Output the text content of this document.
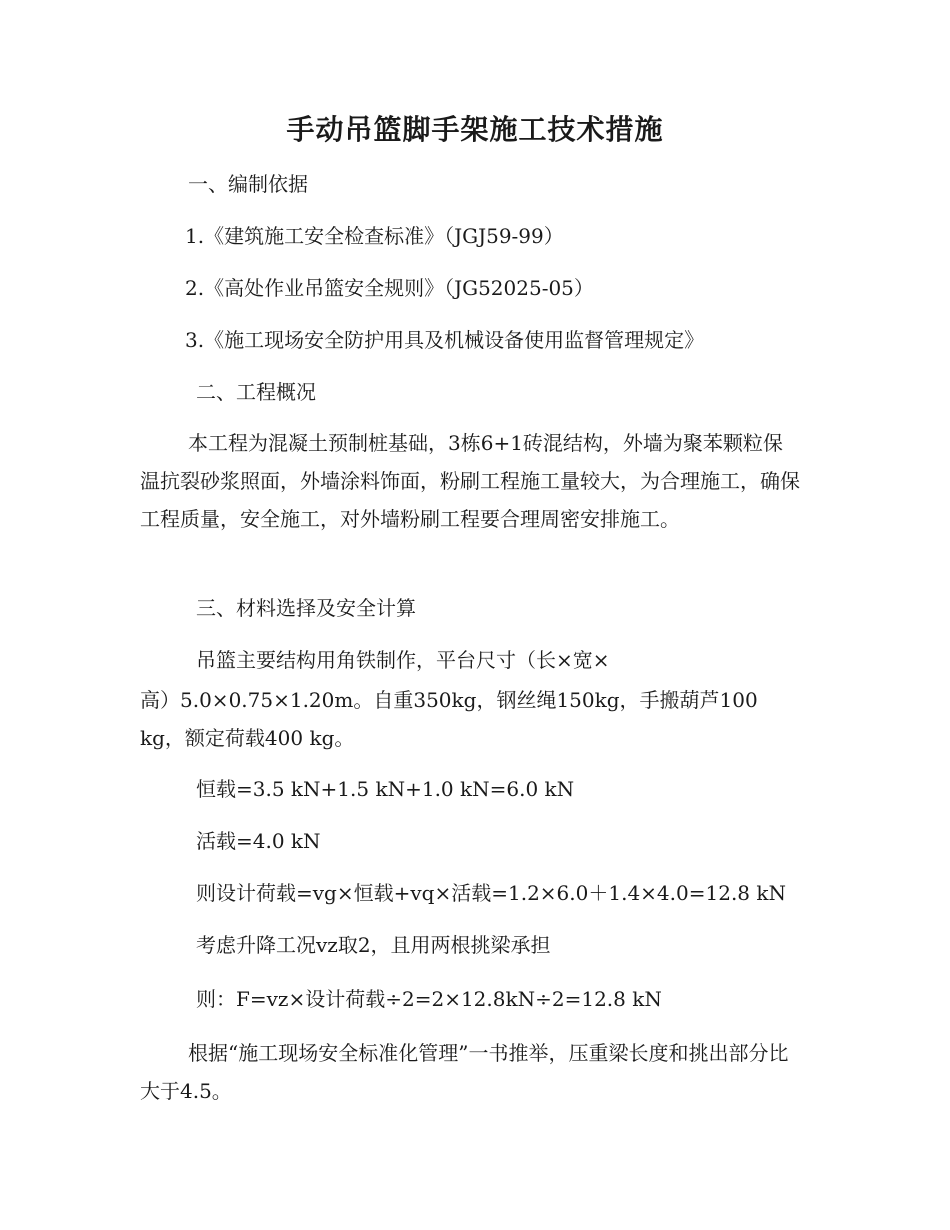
手动吊篮脚手架施工技术措施
一、编制依据
1.《建筑施工安全检查标准》（JGJ59-99）
2.《高处作业吊篮安全规则》（JG52025-05）
3.《施工现场安全防护用具及机械设备使用监督管理规定》
二、工程概况
本工程为混凝土预制桩基础，3栋6+1砖混结构，外墙为聚苯颗粒保温抗裂砂浆照面，外墙涂料饰面，粉刷工程施工量较大，为合理施工，确保工程质量，安全施工，对外墙粉刷工程要合理周密安排施工。
三、材料选择及安全计算
吊篮主要结构用角铁制作，平台尺寸（长×宽×
高）5.0×0.75×1.20m。自重350kg，钢丝绳150kg，手搬葫芦100
kg，额定荷载400 kg。
恒载=3.5 kN+1.5 kN+1.0 kN=6.0 kN
活载=4.0 kN
则设计荷载=vg×恒载+vq×活载=1.2×6.0＋1.4×4.0=12.8 kN
考虑升降工况vz取2，且用两根挑梁承担
则：F=vz×设计荷载÷2=2×12.8kN÷2=12.8 kN
根据“施工现场安全标准化管理”一书推举，压重梁长度和挑出部分比大于4.5。
